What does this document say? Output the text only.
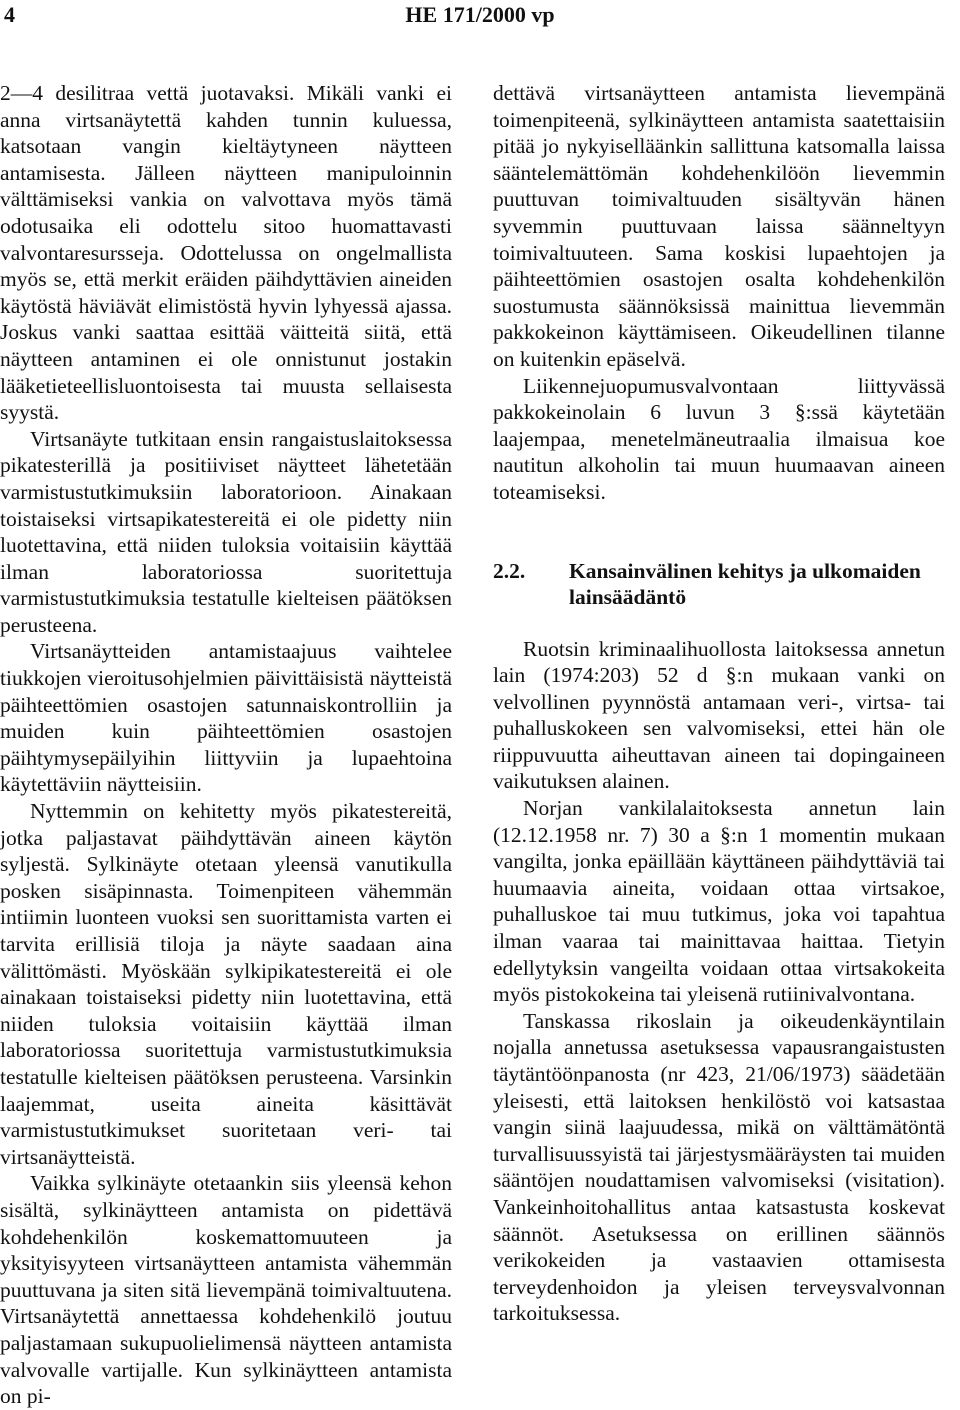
4	HE 171/2000 vp

2—4 desilitraa vettä juotavaksi. Mikäli vanki ei anna virtsanäytettä kahden tunnin kuluessa, katsotaan vangin kieltäytyneen näytteen antamisesta. Jälleen näytteen manipuloinnin välttämiseksi vankia on valvottava myös tämä odotusaika eli odottelu sitoo huomattavasti valvontaresursseja. Odottelussa on ongelmallista myös se, että merkit eräiden päihdyttävien aineiden käytöstä häviävät elimistöstä hyvin lyhyessä ajassa. Joskus vanki saattaa esittää väitteitä siitä, että näytteen antaminen ei ole onnistunut jostakin lääketieteellisluontoisesta tai muusta sellaisesta syystä.

Virtsanäyte tutkitaan ensin rangaistuslaitoksessa pikatesterillä ja positiiviset näytteet lähetetään varmistustutkimuksiin laboratorioon. Ainakaan toistaiseksi virtsapikatestereitä ei ole pidetty niin luotettavina, että niiden tuloksia voitaisiin käyttää ilman laboratoriossa suoritettuja varmistustutkimuksia testatulle kielteisen päätöksen perusteena.

Virtsanäytteiden antamistaajuus vaihtelee tiukkojen vieroitusohjelmien päivittäisistä näytteistä päihteettömien osastojen satunnaiskontrolliin ja muiden kuin päihteettömien osastojen päihtymysepäilyihin liittyviin ja lupaehtoina käytettäviin näytteisiin.

Nyttemmin on kehitetty myös pikatestereitä, jotka paljastavat päihdyttävän aineen käytön syljestä. Sylkinäyte otetaan yleensä vanutikulla posken sisäpinnasta. Toimenpiteen vähemmän intiimin luonteen vuoksi sen suorittamista varten ei tarvita erillisiä tiloja ja näyte saadaan aina välittömästi. Myöskään sylkipikatestereitä ei ole ainakaan toistaiseksi pidetty niin luotettavina, että niiden tuloksia voitaisiin käyttää ilman laboratoriossa suoritettuja varmistustutkimuksia testatulle kielteisen päätöksen perusteena. Varsinkin laajemmat, useita aineita käsittävät varmistustutkimukset suoritetaan veri- tai virtsanäytteistä.

Vaikka sylkinäyte otetaankin siis yleensä kehon sisältä, sylkinäytteen antamista on pidettävä kohdehenkilön koskemattomuuteen ja yksityisyyteen virtsanäytteen antamista vähemmän puuttuvana ja siten sitä lievempänä toimivaltuutena. Virtsanäytettä annettaessa kohdehenkilö joutuu paljastamaan sukupuolielimensä näytteen antamista valvovalle vartijalle. Kun sylkinäytteen antamista on pi-

dettävä virtsanäytteen antamista lievempänä toimenpiteenä, sylkinäytteen antamista saatettaisiin pitää jo nykyiselläänkin sallittuna katsomalla laissa sääntelemättömän kohdehenkilöön lievemmin puuttuvan toimivaltuuden sisältyvän hänen syvemmin puuttuvaan laissa säänneltyyn toimivaltuuteen. Sama koskisi lupaehtojen ja päihteettömien osastojen osalta kohdehenkilön suostumusta säännöksissä mainittua lievemmän pakkokeinon käyttämiseen. Oikeudellinen tilanne on kuitenkin epäselvä.

Liikennejuopumusvalvontaan liittyvässä pakkokeinolain 6 luvun 3 §:ssä käytetään laajempaa, menetelmäneutraalia ilmaisua koe nautitun alkoholin tai muun huumaavan aineen toteamiseksi.

2.2.	Kansainvälinen kehitys ja ulkomaiden lainsäädäntö

Ruotsin kriminaalihuollosta laitoksessa annetun lain (1974:203) 52 d §:n mukaan vanki on velvollinen pyynnöstä antamaan veri-, virtsa- tai puhalluskokeen sen valvomiseksi, ettei hän ole riippuvuutta aiheuttavan aineen tai dopingaineen vaikutuksen alainen.

Norjan vankilalaitoksesta annetun lain (12.12.1958 nr. 7) 30 a §:n 1 momentin mukaan vangilta, jonka epäillään käyttäneen päihdyttäviä tai huumaavia aineita, voidaan ottaa virtsakoe, puhalluskoe tai muu tutkimus, joka voi tapahtua ilman vaaraa tai mainittavaa haittaa. Tietyin edellytyksin vangeilta voidaan ottaa virtsakokeita myös pistokokeina tai yleisenä rutiinivalvontana.

Tanskassa rikoslain ja oikeudenkäyntilain nojalla annetussa asetuksessa vapausrangaistusten täytäntöönpanosta (nr 423, 21/06/1973) säädetään yleisesti, että laitoksen henkilöstö voi katsastaa vangin siinä laajuudessa, mikä on välttämätöntä turvallisuussyistä tai järjestysmääräysten tai muiden sääntöjen noudattamisen valvomiseksi (visitation). Vankeinhoitohallitus antaa katsastusta koskevat säännöt. Asetuksessa on erillinen säännös verikokeiden ja vastaavien ottamisesta terveydenhoidon ja yleisen terveysvalvonnan tarkoituksessa.
